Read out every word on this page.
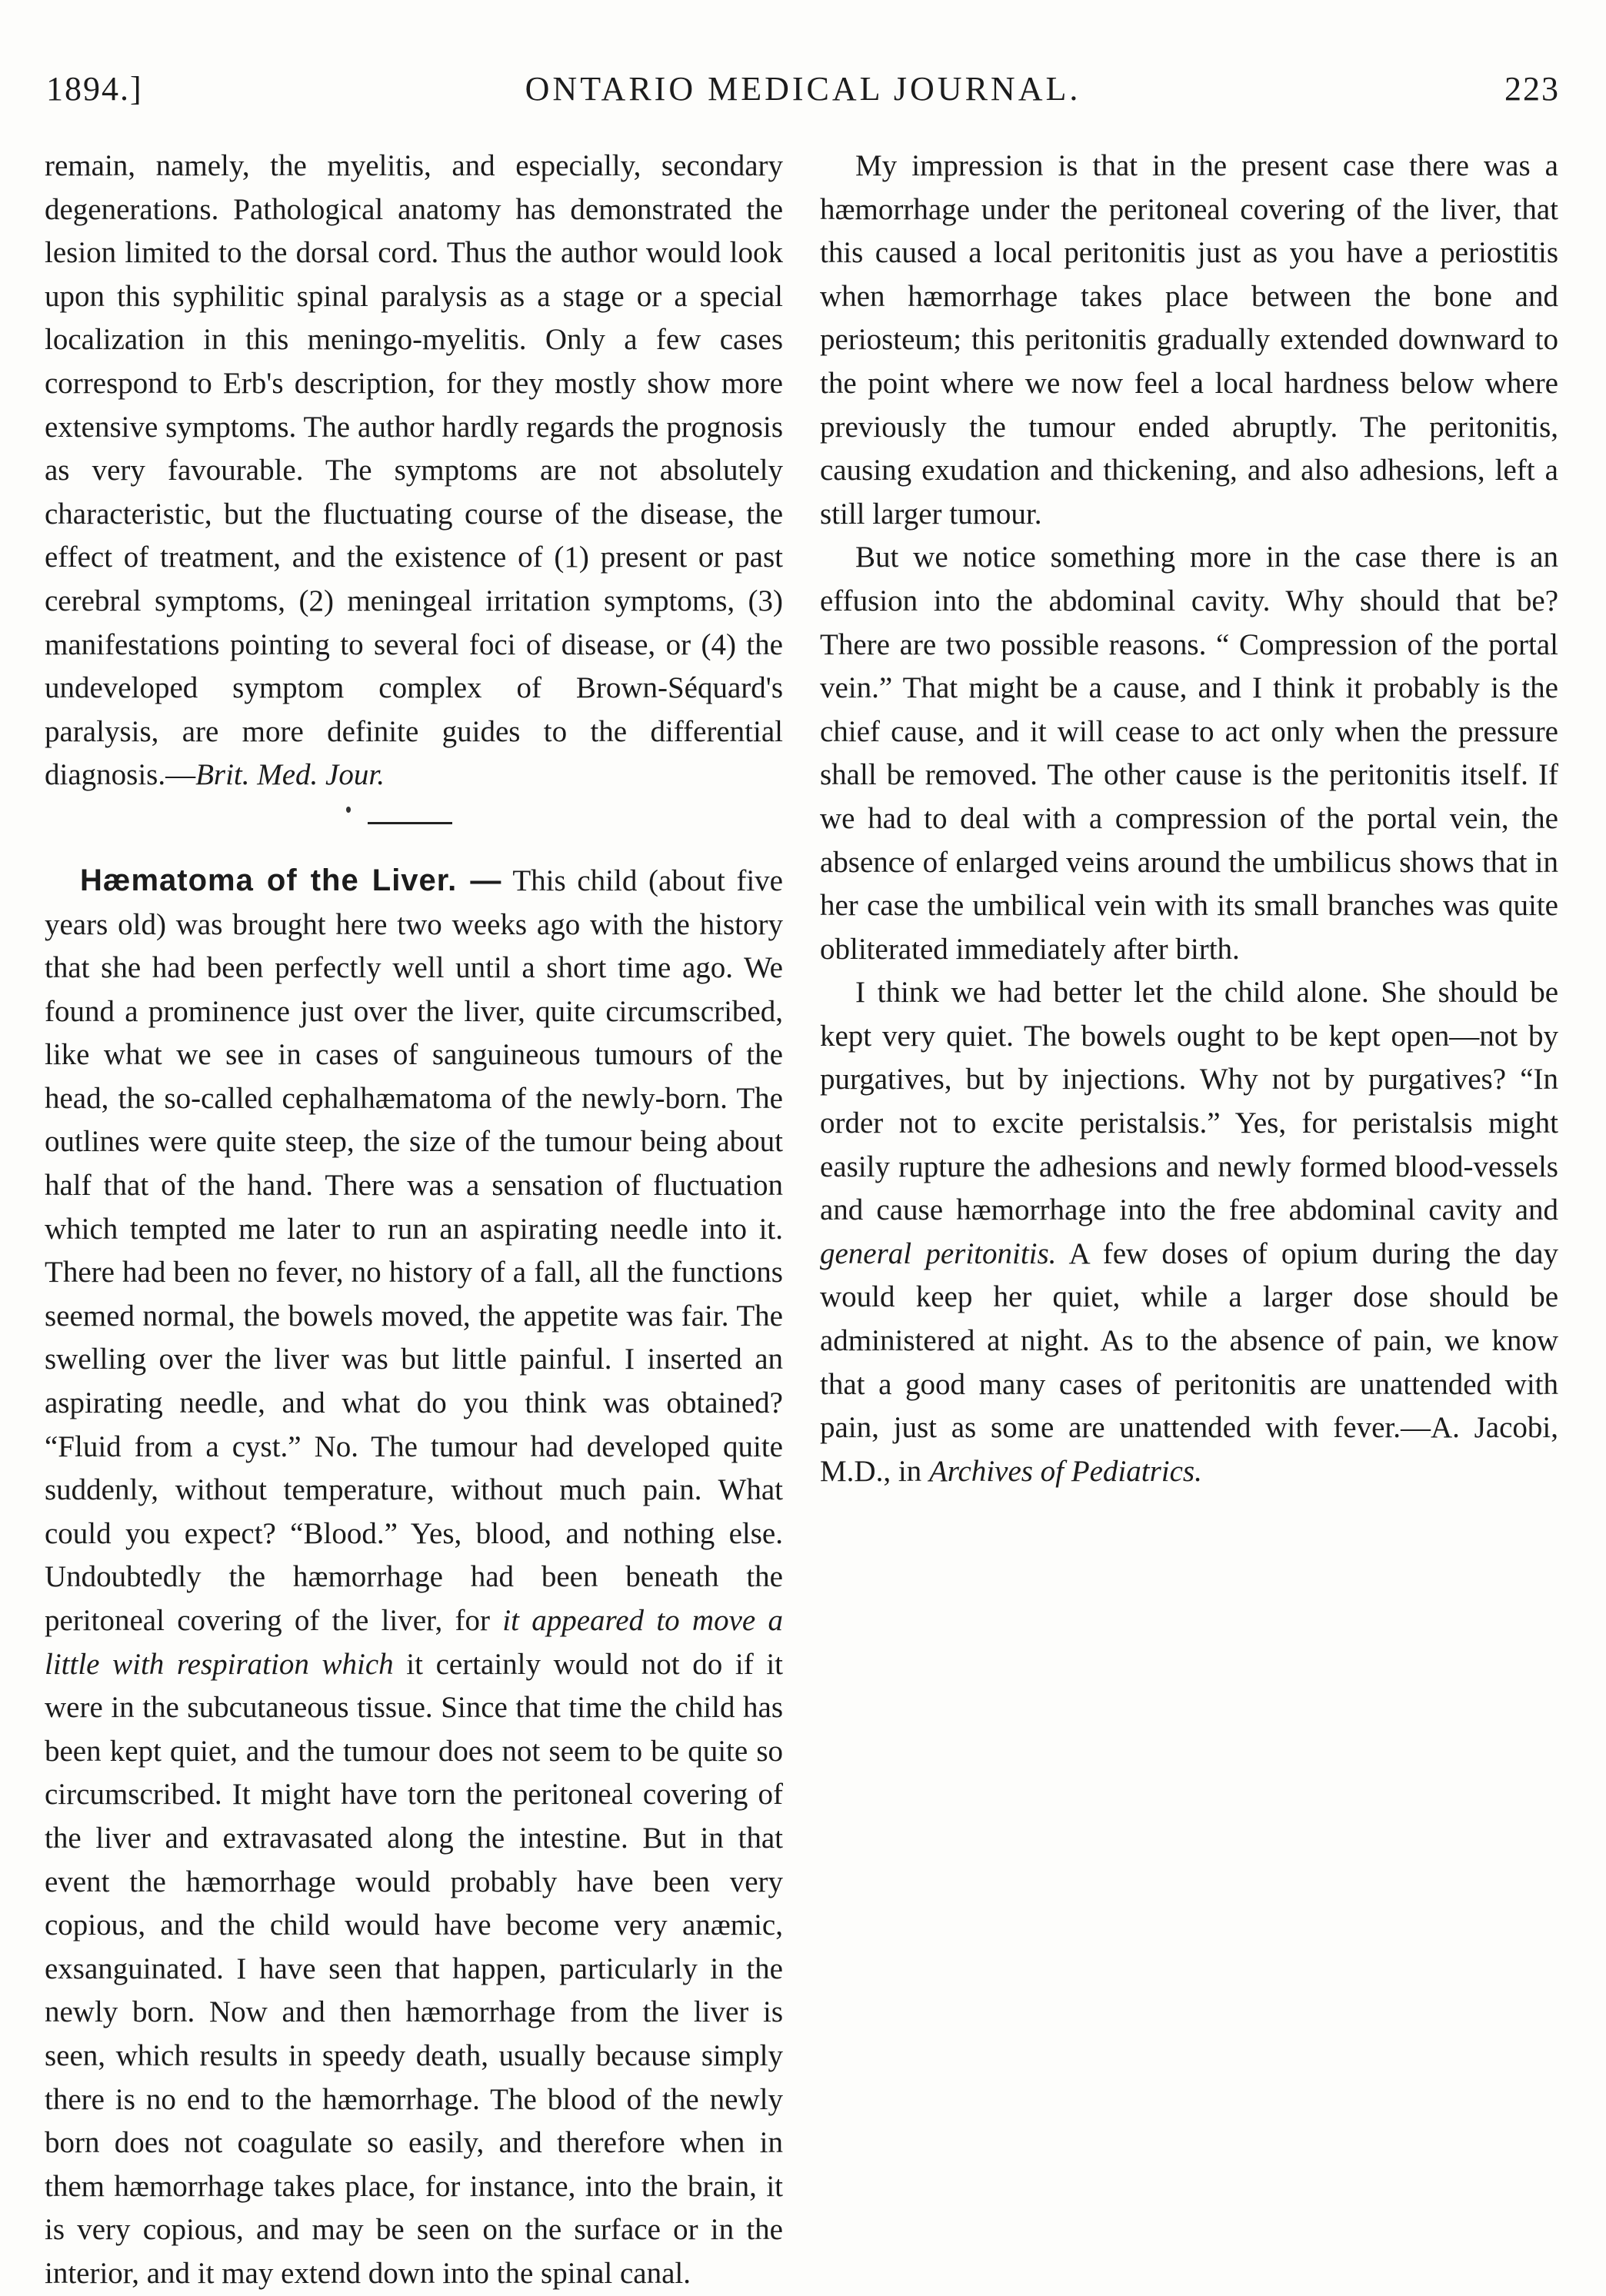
1894.]	ONTARIO MEDICAL JOURNAL.	223

remain, namely, the myelitis, and especially, secondary degenerations. Pathological anatomy has demonstrated the lesion limited to the dorsal cord. Thus the author would look upon this syphilitic spinal paralysis as a stage or a special localization in this meningo-myelitis. Only a few cases correspond to Erb's description, for they mostly show more extensive symptoms. The author hardly regards the prognosis as very favourable. The symptoms are not absolutely characteristic, but the fluctuating course of the disease, the effect of treatment, and the existence of (1) present or past cerebral symptoms, (2) meningeal irritation symptoms, (3) manifestations pointing to several foci of disease, or (4) the undeveloped symptom complex of Brown-Séquard's paralysis, are more definite guides to the differential diagnosis.—Brit. Med. Jour.

Hæmatoma of the Liver. — This child (about five years old) was brought here two weeks ago with the history that she had been perfectly well until a short time ago. We found a prominence just over the liver, quite circumscribed, like what we see in cases of sanguineous tumours of the head, the so-called cephalhæmatoma of the newly-born. The outlines were quite steep, the size of the tumour being about half that of the hand. There was a sensation of fluctuation which tempted me later to run an aspirating needle into it. There had been no fever, no history of a fall, all the functions seemed normal, the bowels moved, the appetite was fair. The swelling over the liver was but little painful. I inserted an aspirating needle, and what do you think was obtained? “Fluid from a cyst.” No. The tumour had developed quite suddenly, without temperature, without much pain. What could you expect? “Blood.” Yes, blood, and nothing else. Undoubtedly the hæmorrhage had been beneath the peritoneal covering of the liver, for it appeared to move a little with respiration which it certainly would not do if it were in the subcutaneous tissue. Since that time the child has been kept quiet, and the tumour does not seem to be quite so circumscribed. It might have torn the peritoneal covering of the liver and extravasated along the intestine. But in that event the hæmorrhage would probably have been very copious, and the child would have become very anæmic, exsanguinated. I have seen that happen, particularly in the newly born. Now and then hæmorrhage from the liver is seen, which results in speedy death, usually because simply there is no end to the hæmorrhage. The blood of the newly born does not coagulate so easily, and therefore when in them hæmorrhage takes place, for instance, into the brain, it is very copious, and may be seen on the surface or in the interior, and it may extend down into the spinal canal.

My impression is that in the present case there was a hæmorrhage under the peritoneal covering of the liver, that this caused a local peritonitis just as you have a periostitis when hæmorrhage takes place between the bone and periosteum; this peritonitis gradually extended downward to the point where we now feel a local hardness below where previously the tumour ended abruptly. The peritonitis, causing exudation and thickening, and also adhesions, left a still larger tumour.

But we notice something more in the case there is an effusion into the abdominal cavity. Why should that be? There are two possible reasons. “ Compression of the portal vein.” That might be a cause, and I think it probably is the chief cause, and it will cease to act only when the pressure shall be removed. The other cause is the peritonitis itself. If we had to deal with a compression of the portal vein, the absence of enlarged veins around the umbilicus shows that in her case the umbilical vein with its small branches was quite obliterated immediately after birth.

I think we had better let the child alone. She should be kept very quiet. The bowels ought to be kept open—not by purgatives, but by injections. Why not by purgatives? “In order not to excite peristalsis.” Yes, for peristalsis might easily rupture the adhesions and newly formed blood-vessels and cause hæmorrhage into the free abdominal cavity and general peritonitis. A few doses of opium during the day would keep her quiet, while a larger dose should be administered at night. As to the absence of pain, we know that a good many cases of peritonitis are unattended with pain, just as some are unattended with fever.—A. Jacobi, M.D., in Archives of Pediatrics.
